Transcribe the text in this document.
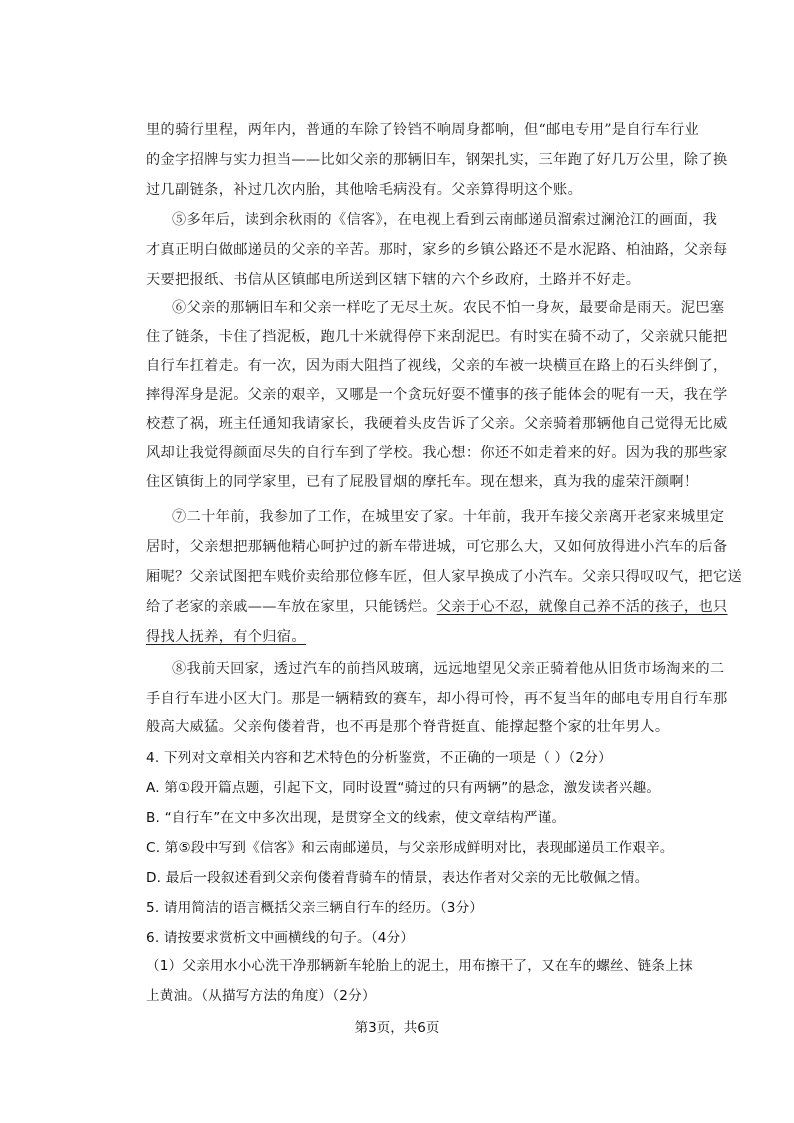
里的骑行里程，两年内，普通的车除了铃铛不响周身都响，但“邮电专用”是自行车行业
的金字招牌与实力担当——比如父亲的那辆旧车，钢架扎实，三年跑了好几万公里，除了换
过几副链条，补过几次内胎，其他啥毛病没有。父亲算得明这个账。
⑤多年后，读到余秋雨的《信客》，在电视上看到云南邮递员溜索过澜沧江的画面，我
才真正明白做邮递员的父亲的辛苦。那时，家乡的乡镇公路还不是水泥路、柏油路，父亲每
天要把报纸、书信从区镇邮电所送到区辖下辖的六个乡政府，土路并不好走。
⑥父亲的那辆旧车和父亲一样吃了无尽土灰。农民不怕一身灰，最要命是雨天。泥巴塞
住了链条，卡住了挡泥板，跑几十米就得停下来刮泥巴。有时实在骑不动了，父亲就只能把
自行车扛着走。有一次，因为雨大阻挡了视线，父亲的车被一块横亘在路上的石头绊倒了，
摔得浑身是泥。父亲的艰辛，又哪是一个贪玩好耍不懂事的孩子能体会的呢有一天，我在学
校惹了祸，班主任通知我请家长，我硬着头皮告诉了父亲。父亲骑着那辆他自己觉得无比威
风却让我觉得颜面尽失的自行车到了学校。我心想：你还不如走着来的好。因为我的那些家
住区镇街上的同学家里，已有了屁股冒烟的摩托车。现在想来，真为我的虚荣汗颜啊！
⑦二十年前，我参加了工作，在城里安了家。十年前，我开车接父亲离开老家来城里定
居时，父亲想把那辆他精心呵护过的新车带进城，可它那么大，又如何放得进小汽车的后备
厢呢？父亲试图把车贱价卖给那位修车匠，但人家早换成了小汽车。父亲只得叹叹气，把它送
给了老家的亲戚——车放在家里，只能锈烂。父亲于心不忍，就像自己养不活的孩子，也只
得找人抚养，有个归宿。
⑧我前天回家，透过汽车的前挡风玻璃，远远地望见父亲正骑着他从旧货市场淘来的二
手自行车进小区大门。那是一辆精致的赛车，却小得可怜，再不复当年的邮电专用自行车那
般高大威猛。父亲佝偻着背，也不再是那个脊背挺直、能撑起整个家的壮年男人。
4. 下列对文章相关内容和艺术特色的分析鉴赏，不正确的一项是（ ）（2分）
A. 第①段开篇点题，引起下文，同时设置“骑过的只有两辆”的悬念，激发读者兴趣。
B. “自行车”在文中多次出现，是贯穿全文的线索，使文章结构严谨。
C. 第⑤段中写到《信客》和云南邮递员，与父亲形成鲜明对比，表现邮递员工作艰辛。
D. 最后一段叙述看到父亲佝偻着背骑车的情景，表达作者对父亲的无比敬佩之情。
5. 请用简洁的语言概括父亲三辆自行车的经历。（3分）
6. 请按要求赏析文中画横线的句子。（4分）
（1）父亲用水小心洗干净那辆新车轮胎上的泥土，用布擦干了，又在车的螺丝、链条上抹
上黄油。（从描写方法的角度）（2分）
第3页，共6页
